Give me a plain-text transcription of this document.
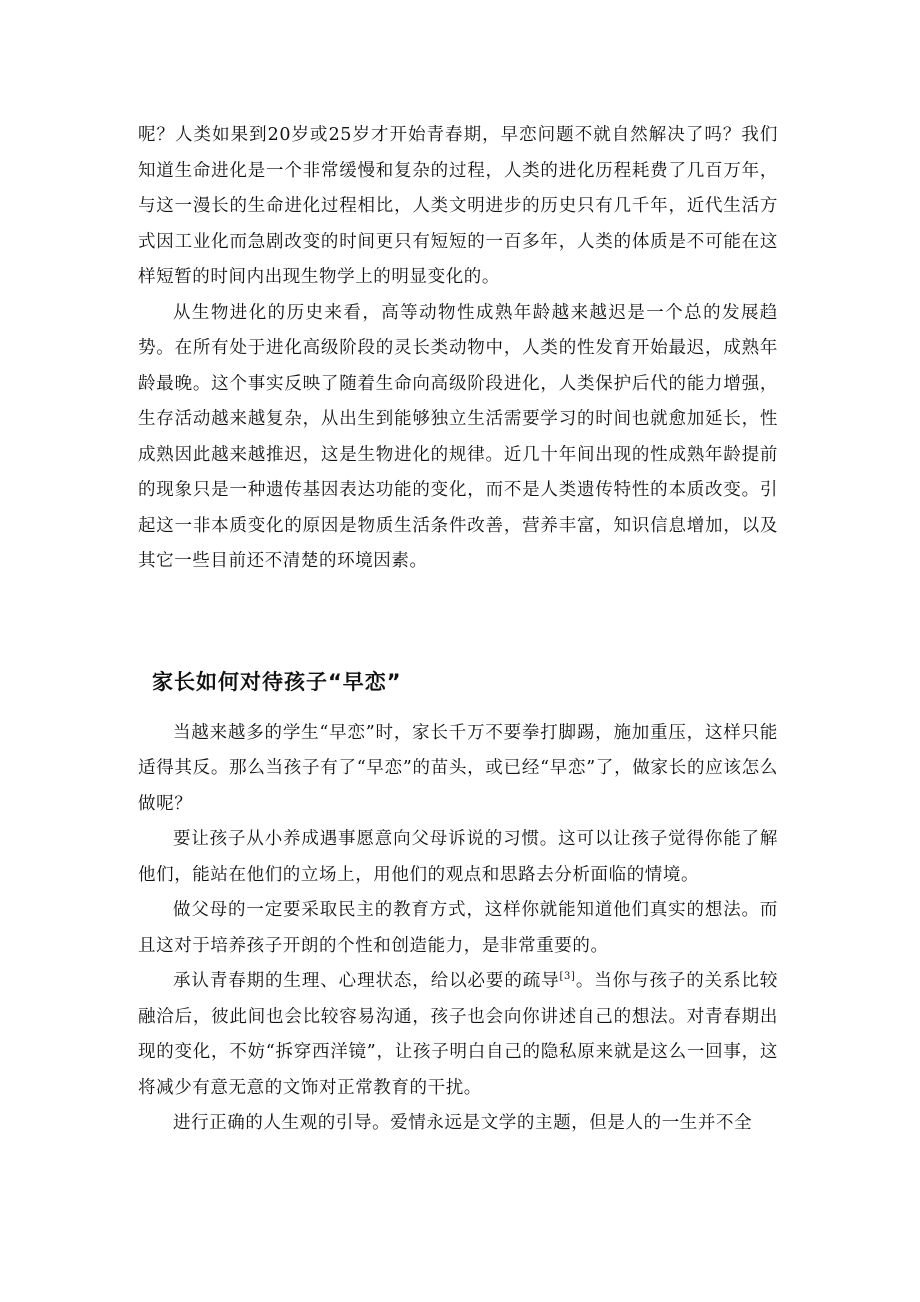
呢？人类如果到20岁或25岁才开始青春期，早恋问题不就自然解决了吗？我们知道生命进化是一个非常缓慢和复杂的过程，人类的进化历程耗费了几百万年，与这一漫长的生命进化过程相比，人类文明进步的历史只有几千年，近代生活方式因工业化而急剧改变的时间更只有短短的一百多年，人类的体质是不可能在这样短暂的时间内出现生物学上的明显变化的。

从生物进化的历史来看，高等动物性成熟年龄越来越迟是一个总的发展趋势。在所有处于进化高级阶段的灵长类动物中，人类的性发育开始最迟，成熟年龄最晚。这个事实反映了随着生命向高级阶段进化，人类保护后代的能力增强，生存活动越来越复杂，从出生到能够独立生活需要学习的时间也就愈加延长，性成熟因此越来越推迟，这是生物进化的规律。近几十年间出现的性成熟年龄提前的现象只是一种遗传基因表达功能的变化，而不是人类遗传特性的本质改变。引起这一非本质变化的原因是物质生活条件改善，营养丰富，知识信息增加，以及其它一些目前还不清楚的环境因素。

家长如何对待孩子“早恋”

当越来越多的学生“早恋”时，家长千万不要拳打脚踢，施加重压，这样只能适得其反。那么当孩子有了“早恋”的苗头，或已经“早恋”了，做家长的应该怎么做呢？

要让孩子从小养成遇事愿意向父母诉说的习惯。这可以让孩子觉得你能了解他们，能站在他们的立场上，用他们的观点和思路去分析面临的情境。

做父母的一定要采取民主的教育方式，这样你就能知道他们真实的想法。而且这对于培养孩子开朗的个性和创造能力，是非常重要的。

承认青春期的生理、心理状态，给以必要的疏导[3]。当你与孩子的关系比较融洽后，彼此间也会比较容易沟通，孩子也会向你讲述自己的想法。对青春期出现的变化，不妨“拆穿西洋镜”，让孩子明白自己的隐私原来就是这么一回事，这将减少有意无意的文饰对正常教育的干扰。

进行正确的人生观的引导。爱情永远是文学的主题，但是人的一生并不全
